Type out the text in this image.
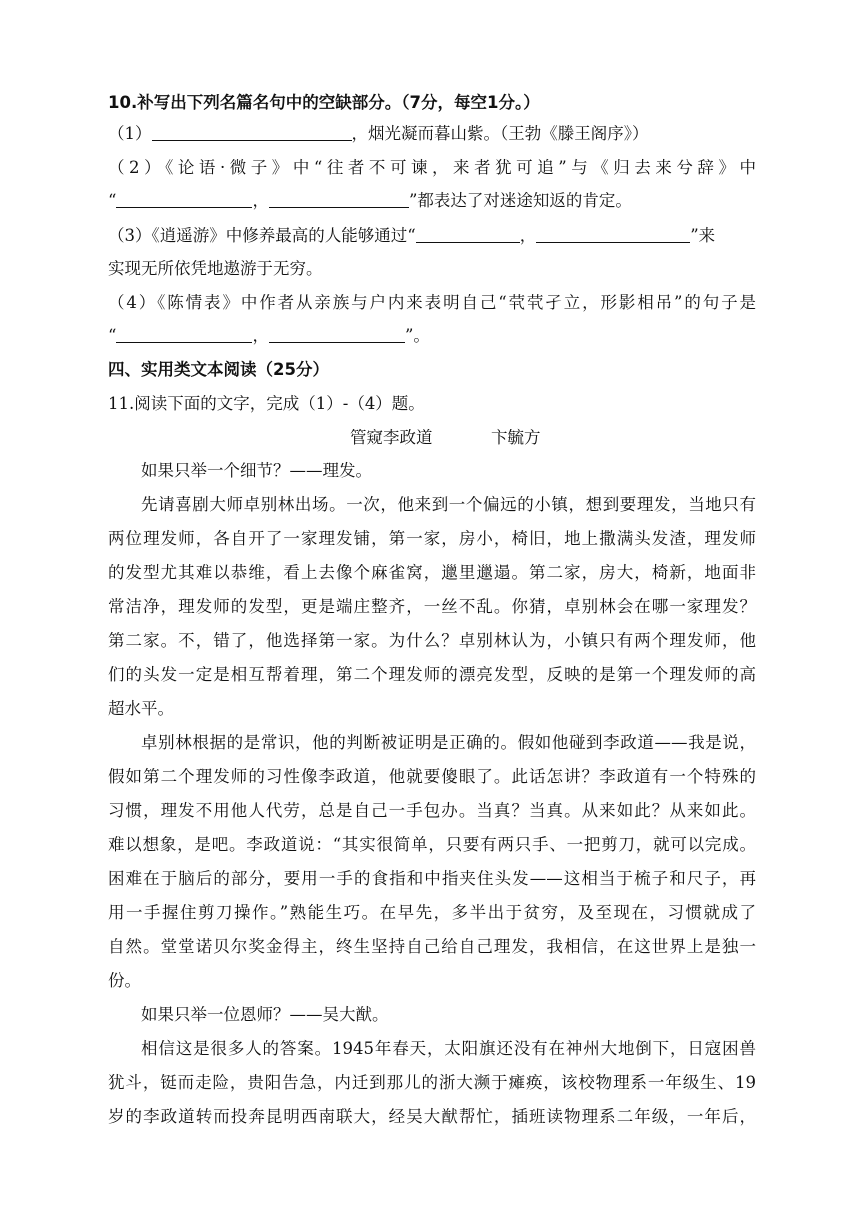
10.补写出下列名篇名句中的空缺部分。（7分，每空1分。）
（1）	，烟光凝而暮山紫。（王勃《滕王阁序》）
（2）《论语·微子》中“往者不可谏，来者犹可追”与《归去来兮辞》中
“	，	”都表达了对迷途知返的肯定。
（3）《逍遥游》中修养最高的人能够通过“	，	”来
实现无所依凭地遨游于无穷。
（4）《陈情表》中作者从亲族与户内来表明自己“茕茕孑立，形影相吊”的句子是
“	，	”。
四、实用类文本阅读（25分）
11.阅读下面的文字，完成（1）-（4）题。
管窥李政道	卞毓方
如果只举一个细节？——理发。
先请喜剧大师卓别林出场。一次，他来到一个偏远的小镇，想到要理发，当地只有
两位理发师，各自开了一家理发铺，第一家，房小，椅旧，地上撒满头发渣，理发师
的发型尤其难以恭维，看上去像个麻雀窝，邋里邋遢。第二家，房大，椅新，地面非
常洁净，理发师的发型，更是端庄整齐，一丝不乱。你猜，卓别林会在哪一家理发？
第二家。不，错了，他选择第一家。为什么？卓别林认为，小镇只有两个理发师，他
们的头发一定是相互帮着理，第二个理发师的漂亮发型，反映的是第一个理发师的高
超水平。
卓别林根据的是常识，他的判断被证明是正确的。假如他碰到李政道——我是说，
假如第二个理发师的习性像李政道，他就要傻眼了。此话怎讲？李政道有一个特殊的
习惯，理发不用他人代劳，总是自己一手包办。当真？当真。从来如此？从来如此。
难以想象，是吧。李政道说：“其实很简单，只要有两只手、一把剪刀，就可以完成。
困难在于脑后的部分，要用一手的食指和中指夹住头发——这相当于梳子和尺子，再
用一手握住剪刀操作。”熟能生巧。在早先，多半出于贫穷，及至现在，习惯就成了
自然。堂堂诺贝尔奖金得主，终生坚持自己给自己理发，我相信，在这世界上是独一
份。
如果只举一位恩师？——吴大猷。
相信这是很多人的答案。1945年春天，太阳旗还没有在神州大地倒下，日寇困兽
犹斗，铤而走险，贵阳告急，内迁到那儿的浙大濒于瘫痪，该校物理系一年级生、19
岁的李政道转而投奔昆明西南联大，经吴大猷帮忙，插班读物理系二年级，一年后，
